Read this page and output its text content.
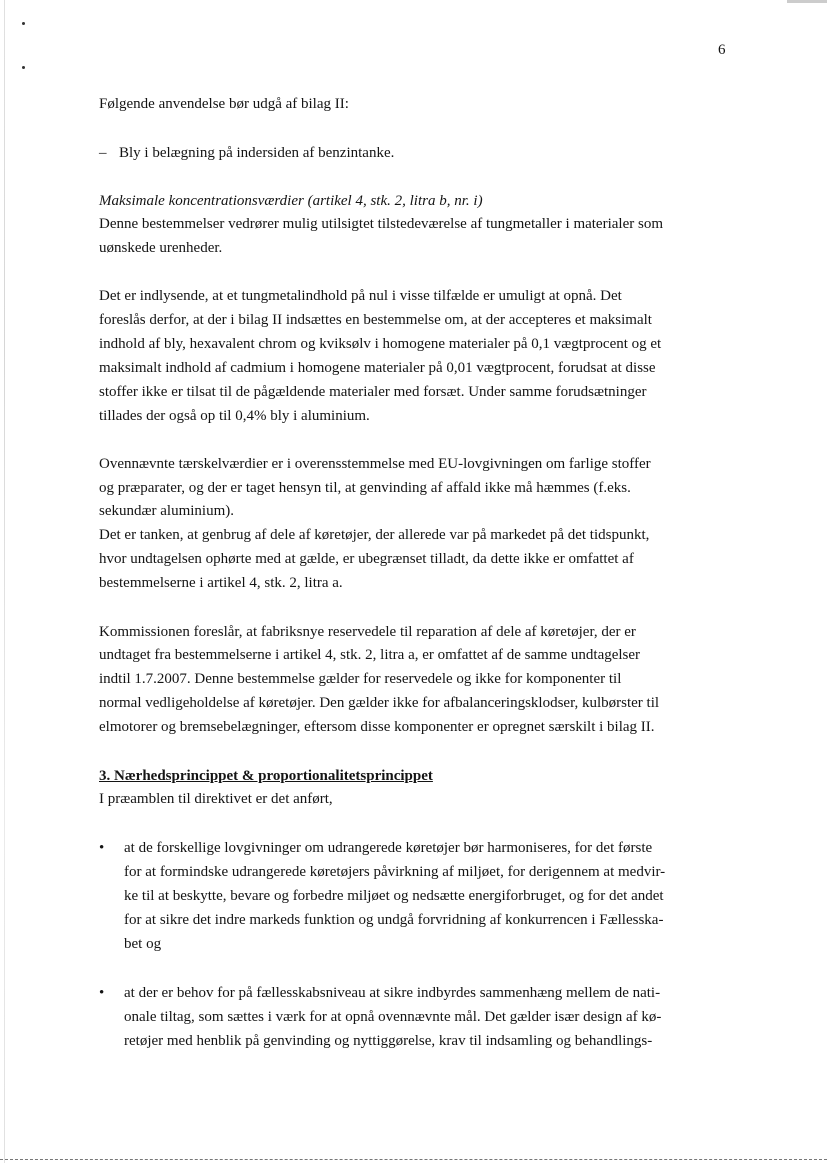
6
Følgende anvendelse bør udgå af bilag II:
– Bly i belægning på indersiden af benzintanke.
Maksimale koncentrationsværdier (artikel 4, stk. 2, litra b, nr. i)
Denne bestemmelser vedrører mulig utilsigtet tilstedeværelse af tungmetaller i materialer som
uønskede urenheder.
Det er indlysende, at et tungmetalindhold på nul i visse tilfælde er umuligt at opnå. Det
foreslås derfor, at der i bilag II indsættes en bestemmelse om, at der accepteres et maksimalt
indhold af bly, hexavalent chrom og kviksølv i homogene materialer på 0,1 vægtprocent og et
maksimalt indhold af cadmium i homogene materialer på 0,01 vægtprocent, forudsat at disse
stoffer ikke er tilsat til de pågældende materialer med forsæt. Under samme forudsætninger
tillades der også op til 0,4% bly i aluminium.
Ovennævnte tærskelværdier er i overensstemmelse med EU-lovgivningen om farlige stoffer
og præparater, og der er taget hensyn til, at genvinding af affald ikke må hæmmes (f.eks.
sekundær aluminium).
Det er tanken, at genbrug af dele af køretøjer, der allerede var på markedet på det tidspunkt,
hvor undtagelsen ophørte med at gælde, er ubegrænset tilladt, da dette ikke er omfattet af
bestemmelserne i artikel 4, stk. 2, litra a.
Kommissionen foreslår, at fabriksnye reservedele til reparation af dele af køretøjer, der er
undtaget fra bestemmelserne i artikel 4, stk. 2, litra a, er omfattet af de samme undtagelser
indtil 1.7.2007. Denne bestemmelse gælder for reservedele og ikke for komponenter til
normal vedligeholdelse af køretøjer. Den gælder ikke for afbalanceringsklodser, kulbørster til
elmotorer og bremsebelægninger, eftersom disse komponenter er opregnet særskilt i bilag II.
3. Nærhedsprincippet & proportionalitetsprincippet
I præamblen til direktivet er det anført,
• at de forskellige lovgivninger om udrangerede køretøjer bør harmoniseres, for det første
for at formindske udrangerede køretøjers påvirkning af miljøet, for derigennem at medvir-
ke til at beskytte, bevare og forbedre miljøet og nedsætte energiforbruget, og for det andet
for at sikre det indre markeds funktion og undgå forvridning af konkurrencen i Fællesska-
bet og
• at der er behov for på fællesskabsniveau at sikre indbyrdes sammenhæng mellem de nati-
onale tiltag, som sættes i værk for at opnå ovennævnte mål. Det gælder især design af kø-
retøjer med henblik på genvinding og nyttiggørelse, krav til indsamling og behandlings-
